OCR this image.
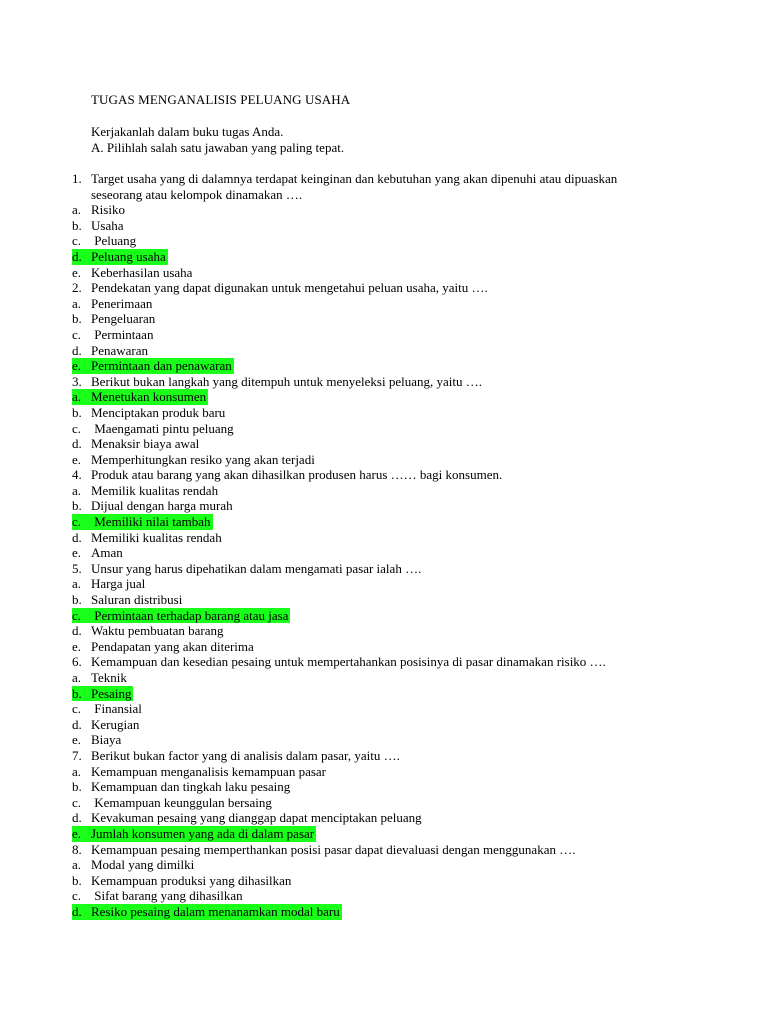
TUGAS MENGANALISIS PELUANG USAHA
Kerjakanlah dalam buku tugas Anda.
A. Pilihlah salah satu jawaban yang paling tepat.
1. Target usaha yang di dalamnya terdapat keinginan dan kebutuhan yang akan dipenuhi atau dipuaskan seseorang atau kelompok dinamakan ….
a. Risiko
b. Usaha
c. Peluang
d. Peluang usaha
e. Keberhasilan usaha
2. Pendekatan yang dapat digunakan untuk mengetahui peluan usaha, yaitu ….
a. Penerimaan
b. Pengeluaran
c. Permintaan
d. Penawaran
e. Permintaan dan penawaran
3. Berikut bukan langkah yang ditempuh untuk menyeleksi peluang, yaitu ….
a. Menetukan konsumen
b. Menciptakan produk baru
c. Maengamati pintu peluang
d. Menaksir biaya awal
e. Memperhitungkan resiko yang akan terjadi
4. Produk atau barang yang akan dihasilkan produsen harus …… bagi konsumen.
a. Memilik kualitas rendah
b. Dijual dengan harga murah
c. Memiliki nilai tambah
d. Memiliki kualitas rendah
e. Aman
5. Unsur yang harus dipehatikan dalam mengamati pasar ialah ….
a. Harga jual
b. Saluran distribusi
c. Permintaan terhadap barang atau jasa
d. Waktu pembuatan barang
e. Pendapatan yang akan diterima
6. Kemampuan dan kesedian pesaing untuk mempertahankan posisinya di pasar dinamakan risiko ….
a. Teknik
b. Pesaing
c. Finansial
d. Kerugian
e. Biaya
7. Berikut bukan factor yang di analisis dalam pasar, yaitu ….
a. Kemampuan menganalisis kemampuan pasar
b. Kemampuan dan tingkah laku pesaing
c. Kemampuan keunggulan bersaing
d. Kevakuman pesaing yang dianggap dapat menciptakan peluang
e. Jumlah konsumen yang ada di dalam pasar
8. Kemampuan pesaing memperthankan posisi pasar dapat dievaluasi dengan menggunakan ….
a. Modal yang dimilki
b. Kemampuan produksi yang dihasilkan
c. Sifat barang yang dihasilkan
d. Resiko pesaing dalam menanamkan modal baru
